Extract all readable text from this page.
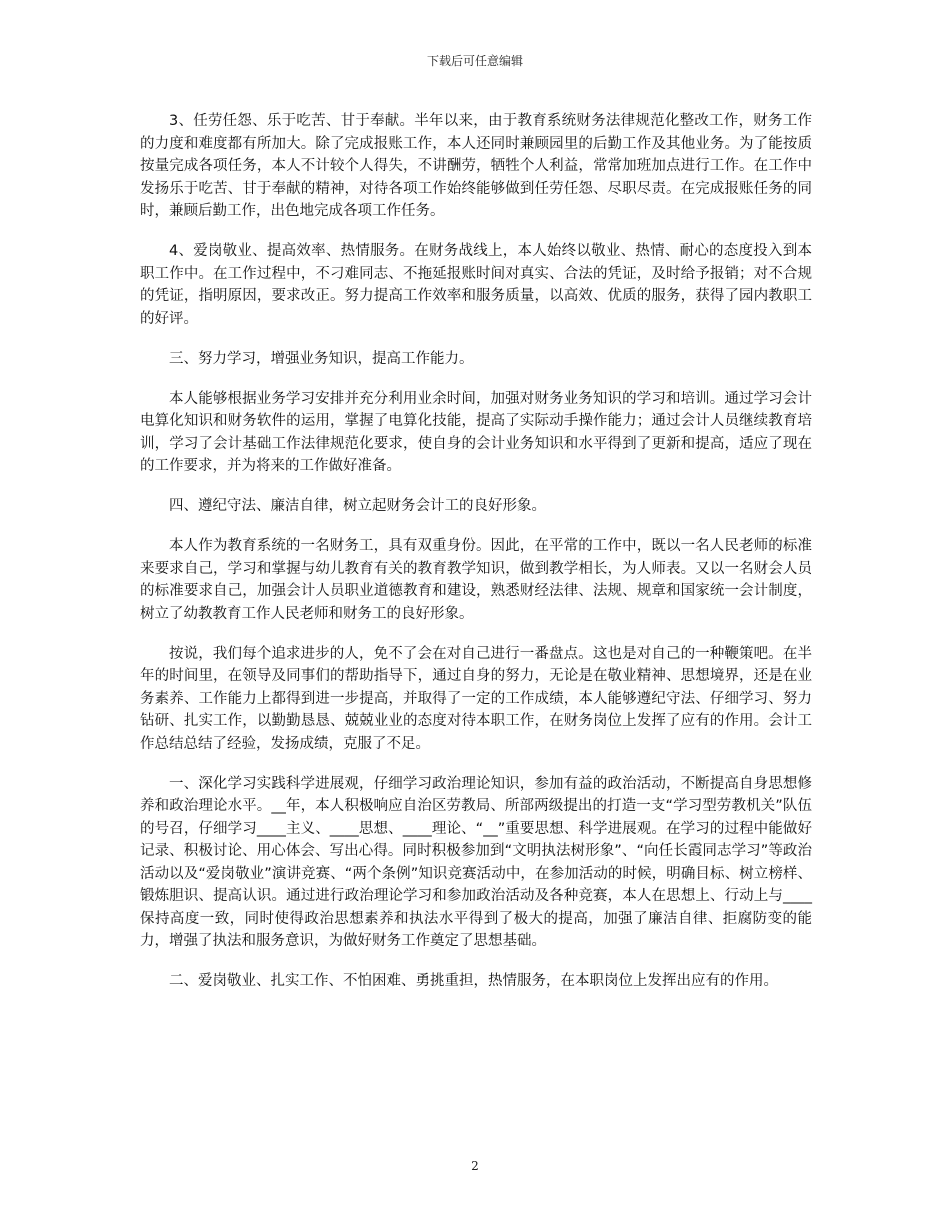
下载后可任意编辑

3、任劳任怨、乐于吃苦、甘于奉献。半年以来，由于教育系统财务法律规范化整改工作，财务工作的力度和难度都有所加大。除了完成报账工作，本人还同时兼顾园里的后勤工作及其他业务。为了能按质按量完成各项任务，本人不计较个人得失，不讲酬劳，牺牲个人利益，常常加班加点进行工作。在工作中发扬乐于吃苦、甘于奉献的精神，对待各项工作始终能够做到任劳任怨、尽职尽责。在完成报账任务的同时，兼顾后勤工作，出色地完成各项工作任务。

4、爱岗敬业、提高效率、热情服务。在财务战线上，本人始终以敬业、热情、耐心的态度投入到本职工作中。在工作过程中，不刁难同志、不拖延报账时间对真实、合法的凭证，及时给予报销；对不合规的凭证，指明原因，要求改正。努力提高工作效率和服务质量，以高效、优质的服务，获得了园内教职工的好评。

三、努力学习，增强业务知识，提高工作能力。

本人能够根据业务学习安排并充分利用业余时间，加强对财务业务知识的学习和培训。通过学习会计电算化知识和财务软件的运用，掌握了电算化技能，提高了实际动手操作能力；通过会计人员继续教育培训，学习了会计基础工作法律规范化要求，使自身的会计业务知识和水平得到了更新和提高，适应了现在的工作要求，并为将来的工作做好准备。

四、遵纪守法、廉洁自律，树立起财务会计工的良好形象。

本人作为教育系统的一名财务工，具有双重身份。因此，在平常的工作中，既以一名人民老师的标准来要求自己，学习和掌握与幼儿教育有关的教育教学知识，做到教学相长，为人师表。又以一名财会人员的标准要求自己，加强会计人员职业道德教育和建设，熟悉财经法律、法规、规章和国家统一会计制度，树立了幼教教育工作人民老师和财务工的良好形象。

按说，我们每个追求进步的人，免不了会在对自己进行一番盘点。这也是对自己的一种鞭策吧。在半年的时间里，在领导及同事们的帮助指导下，通过自身的努力，无论是在敬业精神、思想境界，还是在业务素养、工作能力上都得到进一步提高，并取得了一定的工作成绩，本人能够遵纪守法、仔细学习、努力钻研、扎实工作，以勤勤恳恳、兢兢业业的态度对待本职工作，在财务岗位上发挥了应有的作用。会计工作总结总结了经验，发扬成绩，克服了不足。

一、深化学习实践科学进展观，仔细学习政治理论知识，参加有益的政治活动，不断提高自身思想修养和政治理论水平。__年，本人积极响应自治区劳教局、所部两级提出的打造一支“学习型劳教机关”队伍的号召，仔细学习____主义、____思想、____理论、“__”重要思想、科学进展观。在学习的过程中能做好记录、积极讨论、用心体会、写出心得。同时积极参加到“文明执法树形象”、“向任长霞同志学习”等政治活动以及“爱岗敬业”演讲竞赛、“两个条例”知识竞赛活动中，在参加活动的时候，明确目标、树立榜样、锻炼胆识、提高认识。通过进行政治理论学习和参加政治活动及各种竞赛，本人在思想上、行动上与____保持高度一致，同时使得政治思想素养和执法水平得到了极大的提高，加强了廉洁自律、拒腐防变的能力，增强了执法和服务意识，为做好财务工作奠定了思想基础。

二、爱岗敬业、扎实工作、不怕困难、勇挑重担，热情服务，在本职岗位上发挥出应有的作用。

2
